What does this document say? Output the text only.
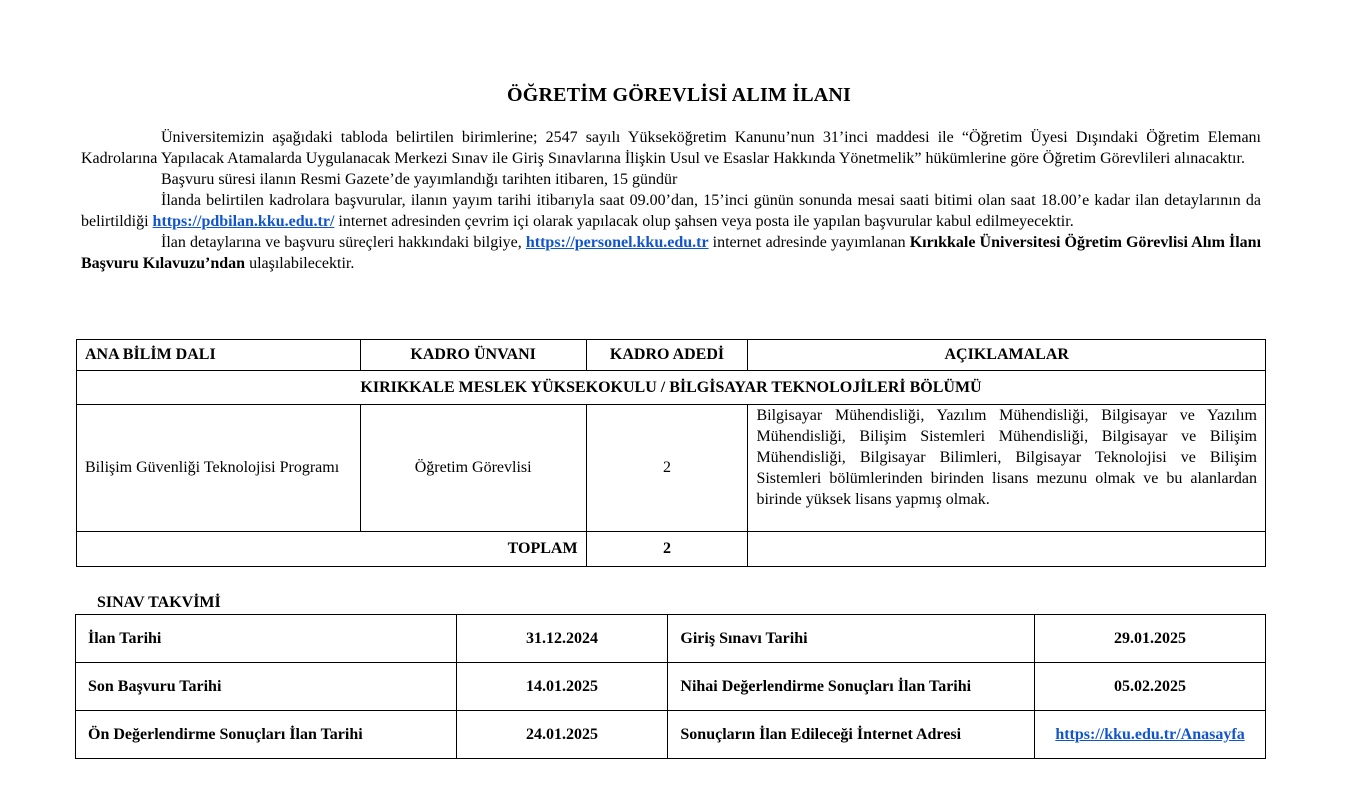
ÖĞRETİM GÖREVLİSİ ALIM İLANI

Üniversitemizin aşağıdaki tabloda belirtilen birimlerine; 2547 sayılı Yükseköğretim Kanunu’nun 31’inci maddesi ile “Öğretim Üyesi Dışındaki Öğretim Elemanı Kadrolarına Yapılacak Atamalarda Uygulanacak Merkezi Sınav ile Giriş Sınavlarına İlişkin Usul ve Esaslar Hakkında Yönetmelik” hükümlerine göre Öğretim Görevlileri alınacaktır.

Başvuru süresi ilanın Resmi Gazete’de yayımlandığı tarihten itibaren, 15 gündür

İlanda belirtilen kadrolara başvurular, ilanın yayım tarihi itibarıyla saat 09.00’dan, 15’inci günün sonunda mesai saati bitimi olan saat 18.00’e kadar ilan detaylarının da belirtildiği https://pdbilan.kku.edu.tr/ internet adresinden çevrim içi olarak yapılacak olup şahsen veya posta ile yapılan başvurular kabul edilmeyecektir.

İlan detaylarına ve başvuru süreçleri hakkındaki bilgiye, https://personel.kku.edu.tr internet adresinde yayımlanan Kırıkkale Üniversitesi Öğretim Görevlisi Alım İlanı Başvuru Kılavuzu’ndan ulaşılabilecektir.

ANA BİLİM DALI	KADRO ÜNVANI	KADRO ADEDİ	AÇIKLAMALAR
KIRIKKALE MESLEK YÜKSEKOKULU / BİLGİSAYAR TEKNOLOJİLERİ BÖLÜMÜ			
Bilişim Güvenliği Teknolojisi Programı	Öğretim Görevlisi	2	Bilgisayar Mühendisliği, Yazılım Mühendisliği, Bilgisayar ve Yazılım Mühendisliği, Bilişim Sistemleri Mühendisliği, Bilgisayar ve Bilişim Mühendisliği, Bilgisayar Bilimleri, Bilgisayar Teknolojisi ve Bilişim Sistemleri bölümlerinden birinden lisans mezunu olmak ve bu alanlardan birinde yüksek lisans yapmış olmak.
TOPLAM		2	
SINAV TAKVİMİ
İlan Tarihi	31.12.2024	Giriş Sınavı Tarihi	29.01.2025
Son Başvuru Tarihi	14.01.2025	Nihai Değerlendirme Sonuçları İlan Tarihi	05.02.2025
Ön Değerlendirme Sonuçları İlan Tarihi	24.01.2025	Sonuçların İlan Edileceği İnternet Adresi	https://kku.edu.tr/Anasayfa
